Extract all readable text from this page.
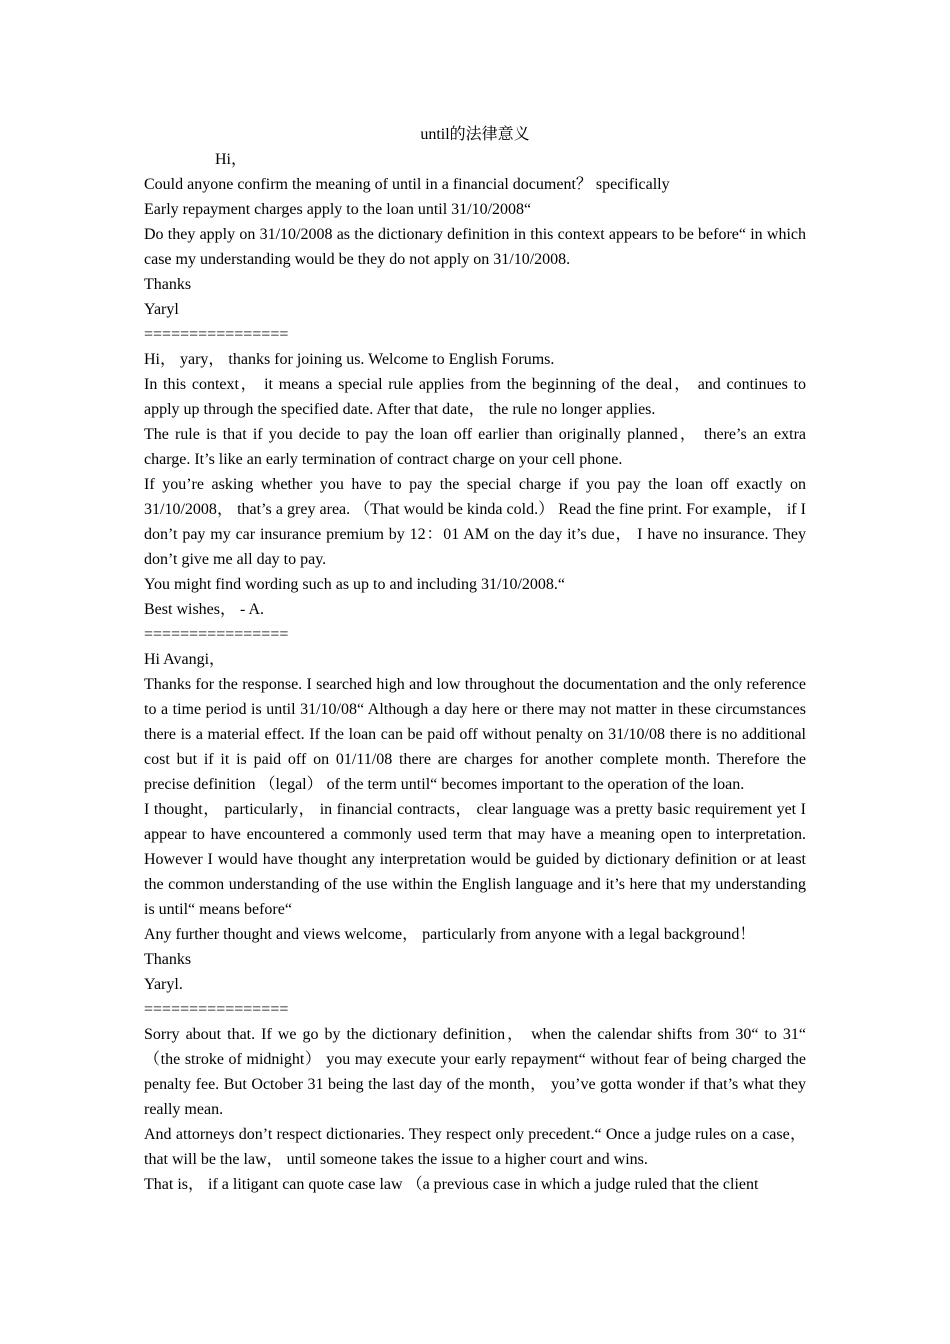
until的法律意义

Hi，

Could anyone confirm the meaning of until in a financial document？ specifically

Early repayment charges apply to the loan until 31/10/2008“

Do they apply on 31/10/2008 as the dictionary definition in this context appears to be before“ in which case my understanding would be they do not apply on 31/10/2008.

Thanks

Yaryl

================

Hi， yary， thanks for joining us. Welcome to English Forums.

In this context， it means a special rule applies from the beginning of the deal， and continues to apply up through the specified date. After that date， the rule no longer applies.

The rule is that if you decide to pay the loan off earlier than originally planned， there’s an extra charge. It’s like an early termination of contract charge on your cell phone.

If you’re asking whether you have to pay the special charge if you pay the loan off exactly on 31/10/2008， that’s a grey area. （That would be kinda cold.） Read the fine print. For example， if I don’t pay my car insurance premium by 12：01 AM on the day it’s due， I have no insurance. They don’t give me all day to pay.

You might find wording such as up to and including 31/10/2008.“

Best wishes， - A.

================

Hi Avangi，

Thanks for the response. I searched high and low throughout the documentation and the only reference to a time period is until 31/10/08“ Although a day here or there may not matter in these circumstances there is a material effect. If the loan can be paid off without penalty on 31/10/08 there is no additional cost but if it is paid off on 01/11/08 there are charges for another complete month. Therefore the precise definition （legal） of the term until“ becomes important to the operation of the loan.

I thought， particularly， in financial contracts， clear language was a pretty basic requirement yet I appear to have encountered a commonly used term that may have a meaning open to interpretation. However I would have thought any interpretation would be guided by dictionary definition or at least the common understanding of the use within the English language and it’s here that my understanding is until“ means before“

Any further thought and views welcome， particularly from anyone with a legal background！

Thanks

Yaryl.

================

Sorry about that. If we go by the dictionary definition， when the calendar shifts from 30“ to 31“ （the stroke of midnight） you may execute your early repayment“ without fear of being charged the penalty fee. But October 31 being the last day of the month， you’ve gotta wonder if that’s what they really mean.

And attorneys don’t respect dictionaries. They respect only precedent.“ Once a judge rules on a case， that will be the law， until someone takes the issue to a higher court and wins.

That is， if a litigant can quote case law （a previous case in which a judge ruled that the client
